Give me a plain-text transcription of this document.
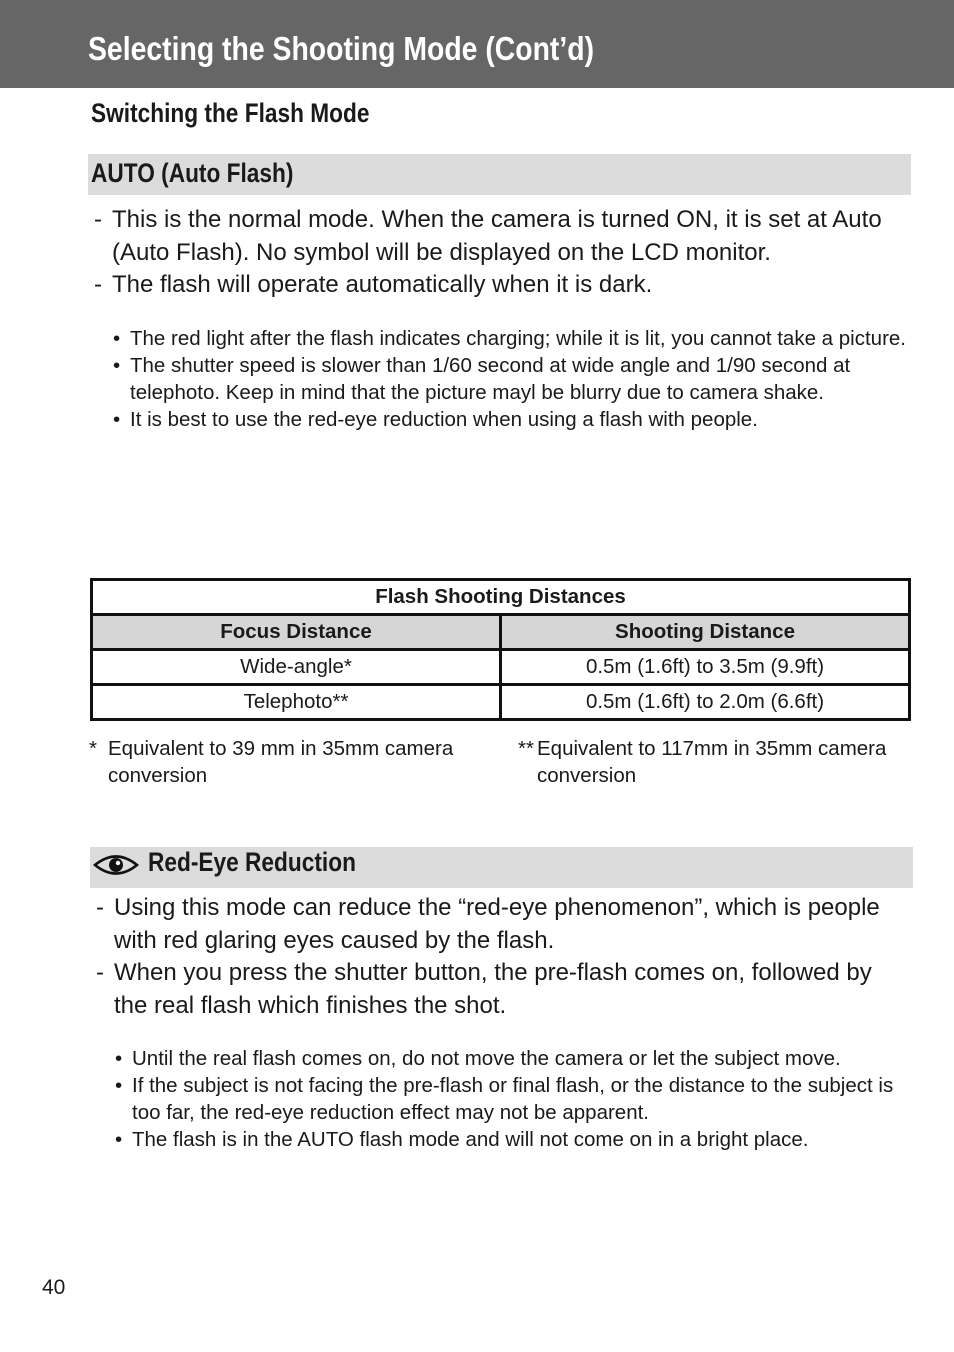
Selecting the Shooting Mode (Cont’d)
Switching the Flash Mode
AUTO (Auto Flash)
- This is the normal mode. When the camera is turned ON, it is set at Auto (Auto Flash). No symbol will be displayed on the LCD monitor.
- The flash will operate automatically when it is dark.
• The red light after the flash indicates charging; while it is lit, you cannot take a picture.
• The shutter speed is slower than 1/60 second at wide angle and 1/90 second at telephoto. Keep in mind that the picture mayl be blurry due to camera shake.
• It is best to use the red-eye reduction when using a flash with people.
Flash Shooting Distances	
Focus Distance	Shooting Distance
Wide-angle*	0.5m (1.6ft) to 3.5m (9.9ft)
Telephoto**	0.5m (1.6ft) to 2.0m (6.6ft)
* Equivalent to 39 mm in 35mm camera conversion
** Equivalent to 117mm in 35mm camera conversion
Red-Eye Reduction
- Using this mode can reduce the “red-eye phenomenon”, which is people with red glaring eyes caused by the flash.
- When you press the shutter button, the pre-flash comes on, followed by the real flash which finishes the shot.
• Until the real flash comes on, do not move the camera or let the subject move.
• If the subject is not facing the pre-flash or final flash, or the distance to the subject is too far, the red-eye reduction effect may not be apparent.
• The flash is in the AUTO flash mode and will not come on in a bright place.
40
